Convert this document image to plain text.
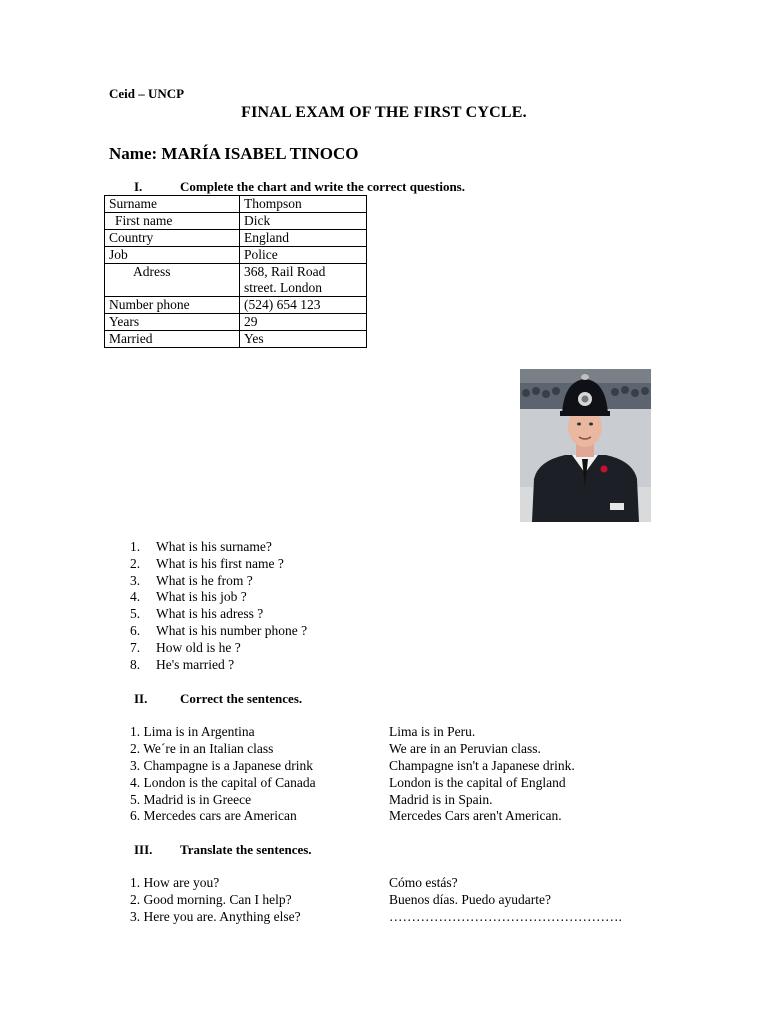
Ceid – UNCP
FINAL EXAM OF THE FIRST CYCLE.
Name: MARÍA ISABEL TINOCO
I.	Complete the chart and write the correct questions.
Surname	Thompson
First name	Dick
Country	England
Job	Police
Adress	368, Rail Road
street. London

Number phone	(524) 654 123
Years	29
Married	Yes
1.	What is his surname?
2.	What is his first name ?
3.	What is he from ?
4.	What is his job ?
5.	What is his adress ?
6.	What is his number phone ?
7.	How old is he ?
8.	He's married ?
II.	Correct the sentences.
1. Lima is in Argentina	Lima is in Peru.
2. We´re in an Italian class	We are in an Peruvian class.
3. Champagne is a Japanese drink	Champagne isn't a Japanese drink.
4. London is the capital of Canada	London is the capital of England
5. Madrid is in Greece	Madrid is in Spain.
6. Mercedes cars are American	Mercedes Cars aren't American.
III. Translate the sentences.
1. How are you?	Cómo estás?
2. Good morning. Can I help?	Buenos días. Puedo ayudarte?
3. Here you are. Anything else?	…………………………………………….
